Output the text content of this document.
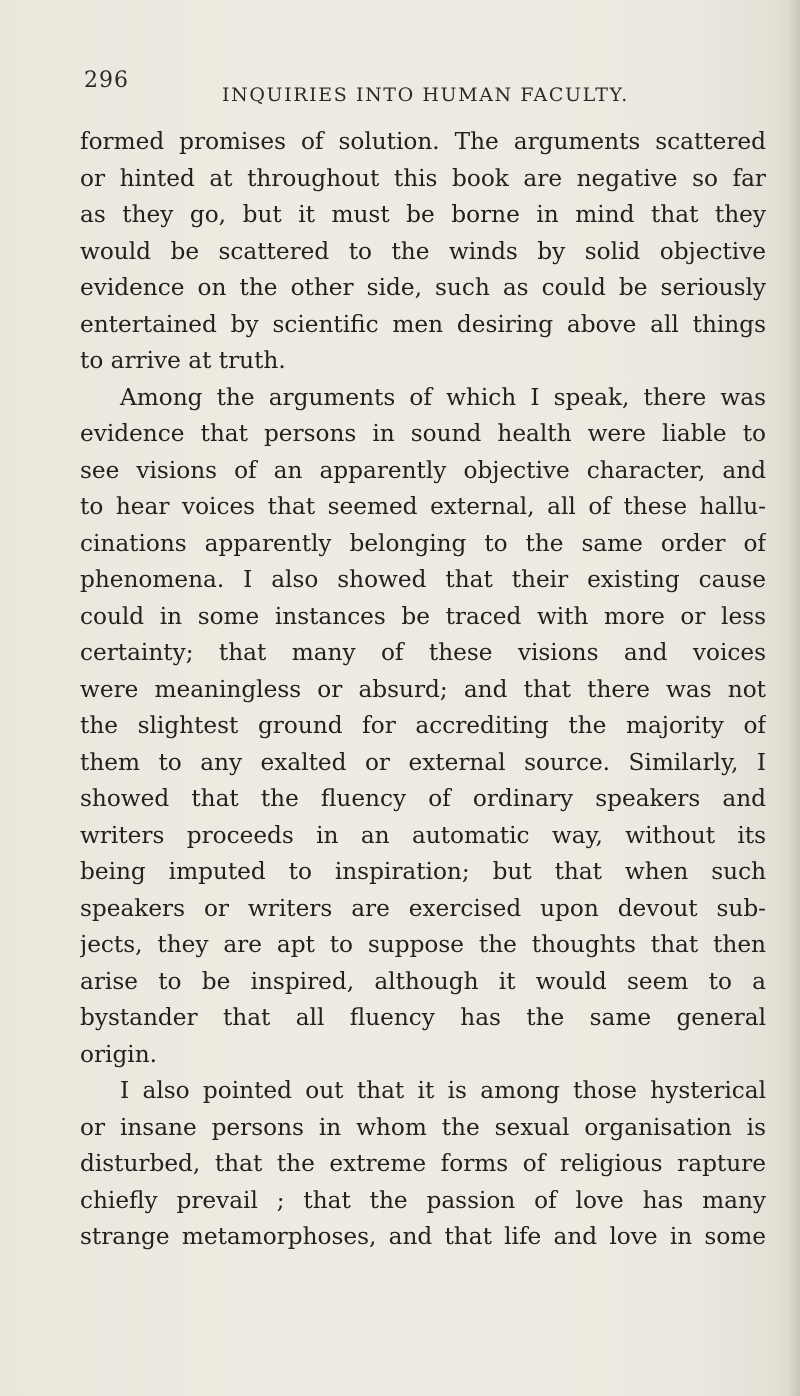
296
INQUIRIES INTO HUMAN FACULTY.
formed promises of solution. The arguments scattered
or hinted at throughout this book are negative so far
as they go, but it must be borne in mind that they
would be scattered to the winds by solid objective
evidence on the other side, such as could be seriously
entertained by scientific men desiring above all things
to arrive at truth.
Among the arguments of which I speak, there was
evidence that persons in sound health were liable to
see visions of an apparently objective character, and
to hear voices that seemed external, all of these hallu-
cinations apparently belonging to the same order of
phenomena. I also showed that their existing cause
could in some instances be traced with more or less
certainty; that many of these visions and voices
were meaningless or absurd; and that there was not
the slightest ground for accrediting the majority of
them to any exalted or external source. Similarly, I
showed that the fluency of ordinary speakers and
writers proceeds in an automatic way, without its
being imputed to inspiration; but that when such
speakers or writers are exercised upon devout sub-
jects, they are apt to suppose the thoughts that then
arise to be inspired, although it would seem to a
bystander that all fluency has the same general
origin.
I also pointed out that it is among those hysterical
or insane persons in whom the sexual organisation is
disturbed, that the extreme forms of religious rapture
chiefly prevail ; that the passion of love has many
strange metamorphoses, and that life and love in some
